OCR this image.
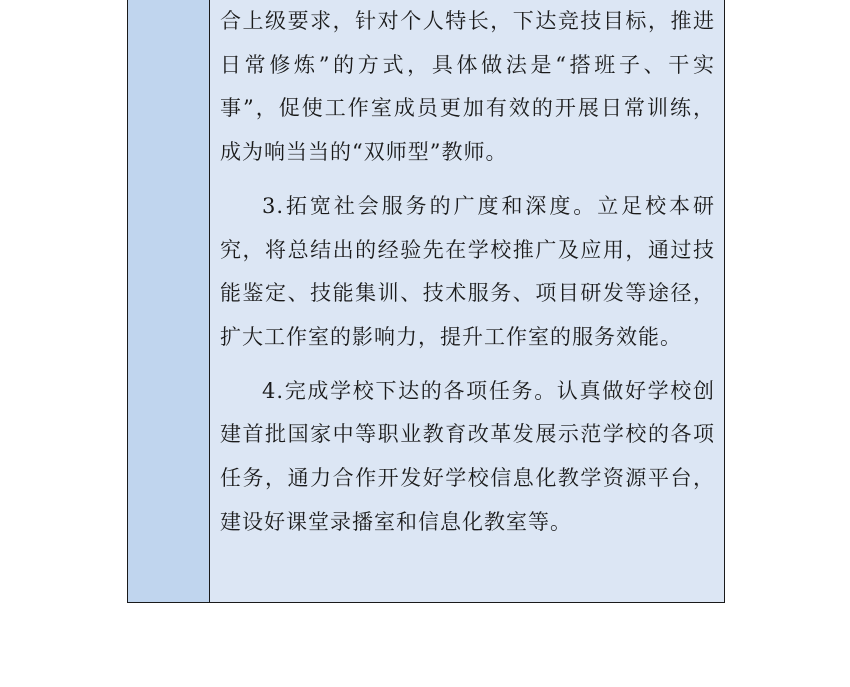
合上级要求，针对个人特长，下达竞技目标，推进日常修炼”的方式，具体做法是“搭班子、干实事”，促使工作室成员更加有效的开展日常训练，成为响当当的“双师型”教师。

3.拓宽社会服务的广度和深度。立足校本研究，将总结出的经验先在学校推广及应用，通过技能鉴定、技能集训、技术服务、项目研发等途径，扩大工作室的影响力，提升工作室的服务效能。

4.完成学校下达的各项任务。认真做好学校创建首批国家中等职业教育改革发展示范学校的各项任务，通力合作开发好学校信息化教学资源平台，建设好课堂录播室和信息化教室等。
